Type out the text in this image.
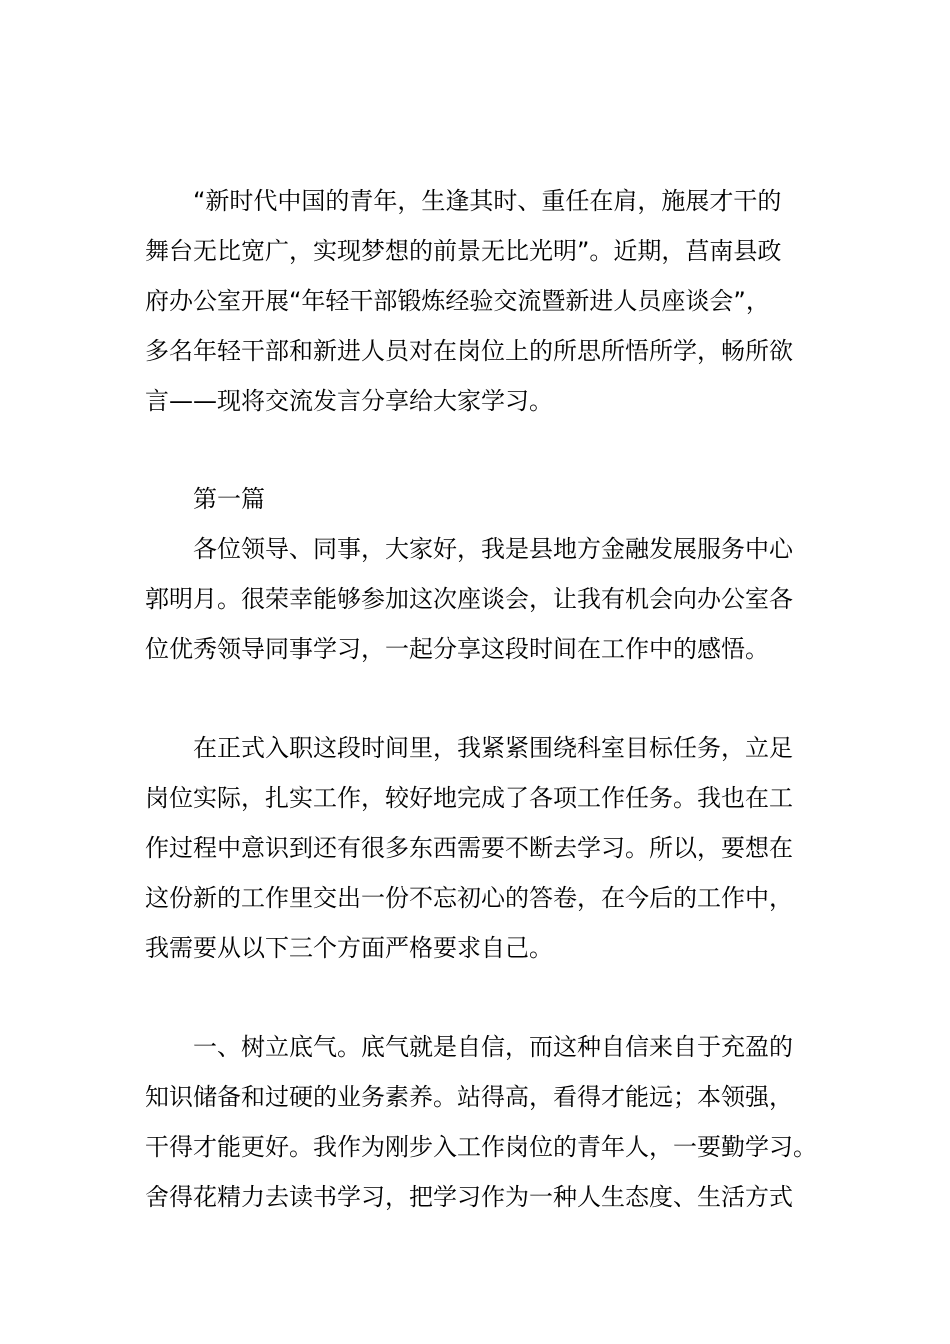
“新时代中国的青年，生逢其时、重任在肩，施展才干的
舞台无比宽广，实现梦想的前景无比光明”。近期，莒南县政
府办公室开展“年轻干部锻炼经验交流暨新进人员座谈会”，
多名年轻干部和新进人员对在岗位上的所思所悟所学，畅所欲
言——现将交流发言分享给大家学习。
第一篇
各位领导、同事，大家好，我是县地方金融发展服务中心
郭明月。很荣幸能够参加这次座谈会，让我有机会向办公室各
位优秀领导同事学习，一起分享这段时间在工作中的感悟。
在正式入职这段时间里，我紧紧围绕科室目标任务，立足
岗位实际，扎实工作，较好地完成了各项工作任务。我也在工
作过程中意识到还有很多东西需要不断去学习。所以，要想在
这份新的工作里交出一份不忘初心的答卷，在今后的工作中，
我需要从以下三个方面严格要求自己。
一、树立底气。底气就是自信，而这种自信来自于充盈的
知识储备和过硬的业务素养。站得高，看得才能远；本领强，
干得才能更好。我作为刚步入工作岗位的青年人，一要勤学习。
舍得花精力去读书学习，把学习作为一种人生态度、生活方式
